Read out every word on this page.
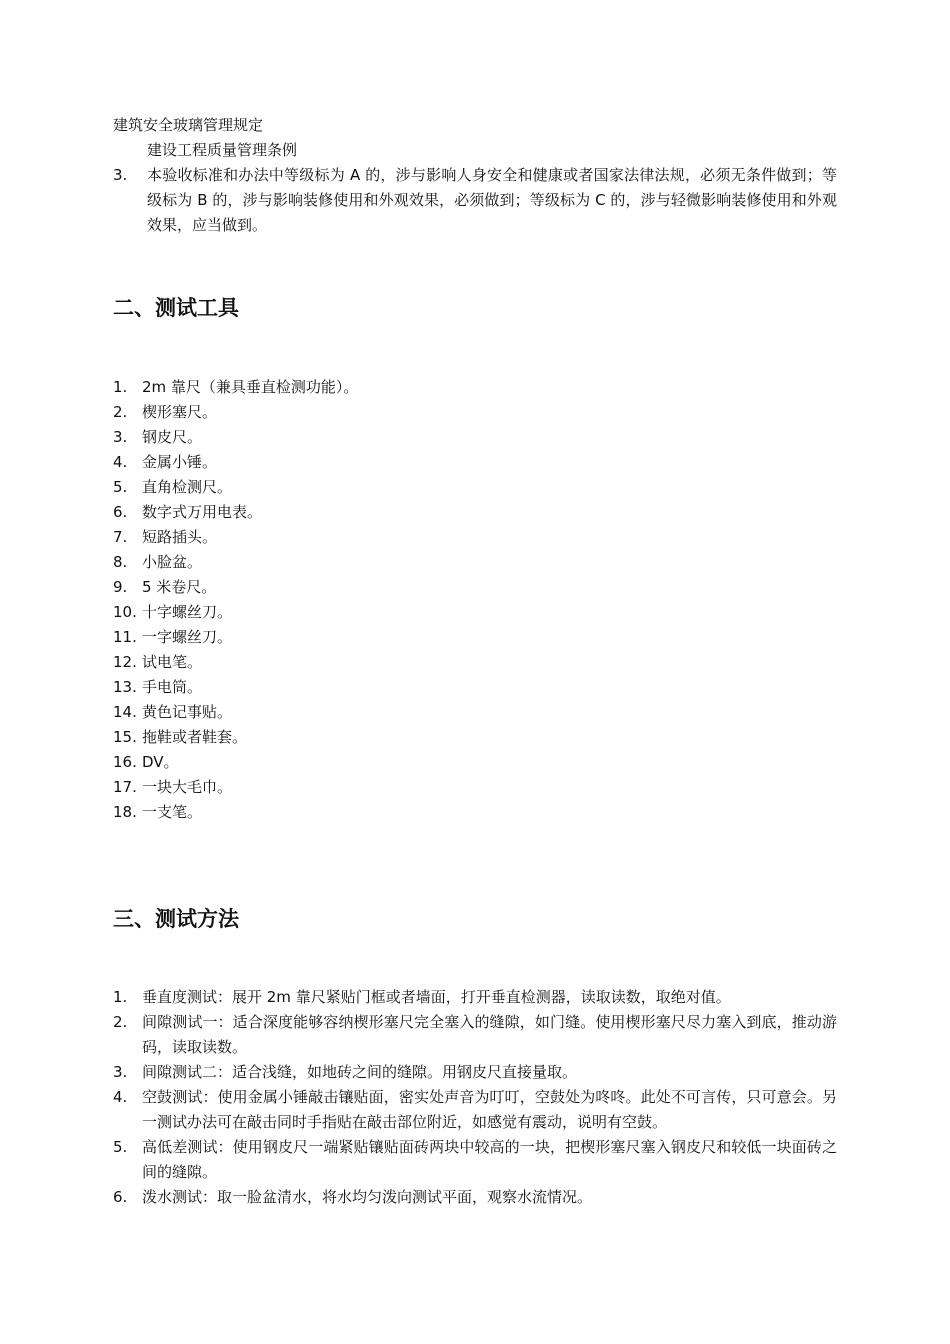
建筑安全玻璃管理规定
建设工程质量管理条例
3. 本验收标准和办法中等级标为 A 的，涉与影响人身安全和健康或者国家法律法规，必须无条件做到；等级标为 B 的，涉与影响装修使用和外观效果，必须做到；等级标为 C 的，涉与轻微影响装修使用和外观效果，应当做到。
二、测试工具
1. 2m 靠尺（兼具垂直检测功能）。
2. 楔形塞尺。
3. 钢皮尺。
4. 金属小锤。
5. 直角检测尺。
6. 数字式万用电表。
7. 短路插头。
8. 小脸盆。
9. 5 米卷尺。
10. 十字螺丝刀。
11. 一字螺丝刀。
12. 试电笔。
13. 手电筒。
14. 黄色记事贴。
15. 拖鞋或者鞋套。
16. DV。
17. 一块大毛巾。
18. 一支笔。
三、测试方法
1. 垂直度测试：展开 2m 靠尺紧贴门框或者墙面，打开垂直检测器，读取读数，取绝对值。
2. 间隙测试一：适合深度能够容纳楔形塞尺完全塞入的缝隙，如门缝。使用楔形塞尺尽力塞入到底，推动游码，读取读数。
3. 间隙测试二：适合浅缝，如地砖之间的缝隙。用钢皮尺直接量取。
4. 空鼓测试：使用金属小锤敲击镶贴面，密实处声音为叮叮，空鼓处为咚咚。此处不可言传，只可意会。另一测试办法可在敲击同时手指贴在敲击部位附近，如感觉有震动，说明有空鼓。
5. 高低差测试：使用钢皮尺一端紧贴镶贴面砖两块中较高的一块，把楔形塞尺塞入钢皮尺和较低一块面砖之间的缝隙。
6. 泼水测试：取一脸盆清水，将水均匀泼向测试平面，观察水流情况。
